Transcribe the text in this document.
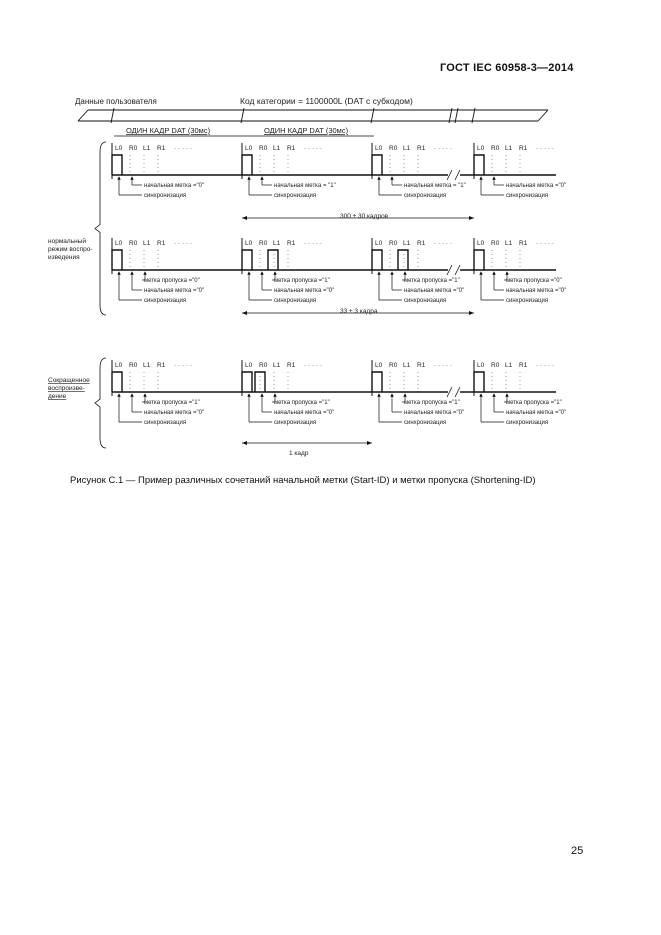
ГОСТ IEC 60958-3—2014
Данные пользователя	Код категории = 1100000L (DAT с субкодом)
ОДИН КАДР DAT (30мс)	ОДИН КАДР DAT (30мс)
L0 R0 L1 R1 · · · · ·
начальная метка ="0"
синхронизация
L0 R0 L1 R1 · · · · ·
начальная метка = "1"
синхронизация
L0 R0 L1 R1 · · · · ·
начальная метка = "1"
синхронизация
L0 R0 L1 R1 · · · · ·
начальная метка ="0"
синхронизация
L0 R0 L1 R1 · · · · ·
метка пропуска ="0"
начальная метка ="0"
синхронизация
L0 R0 L1 R1 · · · · ·
метка пропуска ="1"
начальная метка ="0"
синхронизация
L0 R0 L1 R1 · · · · ·
метка пропуска ="1"
начальная метка ="0"
синхронизация
L0 R0 L1 R1 · · · · ·
метка пропуска ="0"
начальная метка ="0"
синхронизация
L0 R0 L1 R1 · · · · ·
метка пропуска ="1"
начальная метка ="0"
синхронизация
L0 R0 L1 R1 · · · · ·
метка пропуска ="1"
начальная метка ="0"
синхронизация
L0 R0 L1 R1 · · · · ·
метка пропуска ="1"
начальная метка ="0"
синхронизация
L0 R0 L1 R1 · · · · ·
метка пропуска ="1"
начальная метка ="0"
синхронизация
300 ± 30 кадров
33 ± 3 кадра
1 кадр
нормальный
режим воспро-
изведения
Сокращенное
воспроизве-
дение
Рисунок С.1 — Пример различных сочетаний начальной метки (Start-ID) и метки пропуска (Shortening-ID)
25
